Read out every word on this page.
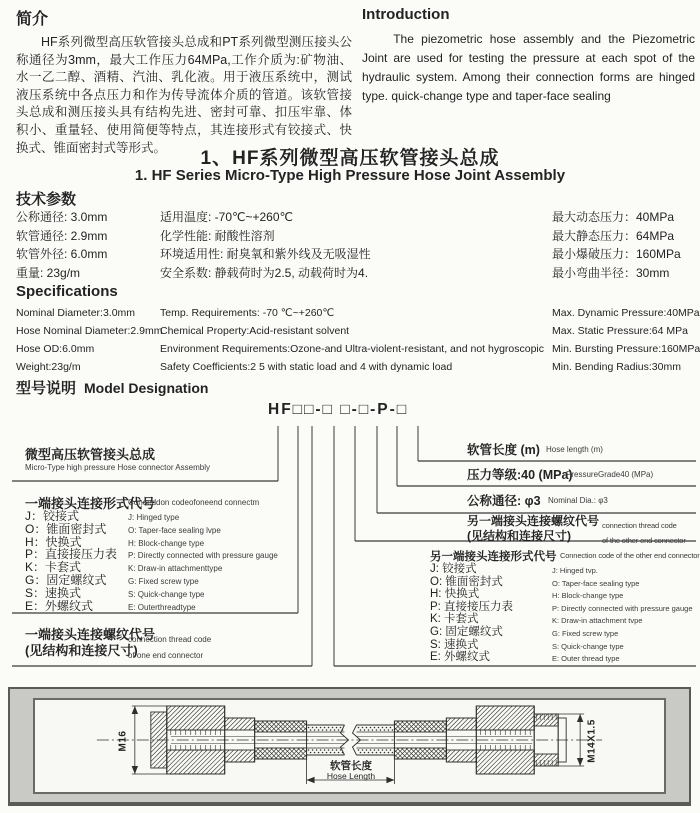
简介
HF系列微型高压软管接头总成和PT系列微型测压接头公称通径为3mm，最大工作压力64MPa,工作介质为:矿物油、水一乙二醇、酒精、汽油、乳化液。用于液压系统中，测试液压系统中各点压力和作为传导流体介质的管道。该软管接头总成和测压接头具有结构先进、密封可靠、扣压牢靠、体积小、重量轻、使用简便等特点，其连接形式有铰接式、快换式、锥面密封式等形式。
Introduction
The piezometric hose assembly and the Piezometric Joint are used for testing the pressure at each spot of the hydraulic system. Among their connection forms are hinged type. quick-change type and taper-face sealing
1、HF系列微型高压软管接头总成
1. HF Series Micro-Type High Pressure Hose Joint Assembly
技术参数
公称通径: 3.0mm
软管通径: 2.9mm
软管外径: 6.0mm
重量: 23g/m
适用温度: -70℃~+260℃
化学性能: 耐酸性溶剂
环境适用性: 耐臭氧和紫外线及无吸湿性
安全系数: 静载荷时为2.5, 动载荷时为4.
最大动态压力：40MPa
最大静态压力：64MPa
最小爆破压力：160MPa
最小弯曲半径：30mm
Specifications
Nominal Diameter:3.0mm
Hose Nominal Diameter:2.9mm
Hose OD:6.0mm
Weight:23g/m
Temp. Requirements: -70 ℃~+260℃
Chemical Property:Acid-resistant solvent
Environment Requirements:Ozone-and Ultra-violent-resistant, and not hygroscopic
Safety Coefficients:2 5 with static load and 4 with dynamic load
Max. Dynamic Pressure:40MPa
Max. Static Pressure:64 MPa
Min. Bursting Pressure:160MPa
Min. Bending Radius:30mm
型号说明 Model Designation
HF□□-□ □-□-P-□
微型高压软管接头总成
Micro-Type high pressure Hose connector Assembly
一端接头连接形式代号
Coneeddon codeofoneend connectm
J：铰接式
O：锥面密封式
H：快换式
P：直接接压力表
K：卡套式
G：固定螺纹式
S：速换式
E：外螺纹式
J: Hinged type
O: Taper-face sealing lvpe
H: Block-change type
P: Directly connected with pressure gauge
K: Draw-in attachmenttype
G: Fixed screw type
S: Quick-change type
E: Outerthreadtype
一端接头连接螺纹代号
(见结构和连接尺寸)
connection thread code
of one end connector
软管长度 (m) Hose length (m)
压力等级:40 (MPa)
PressureGrade40 (MPa)
公称通径: φ3 Nominal Dia.: φ3
另一端接头连接螺纹代号
(见结构和连接尺寸)
connection thread code
of the other end connector
另一端接头连接形式代号 Connection code of the other end connector
J: 铰接式
O: 锥面密封式
H: 快换式
P: 直接接压力表
K: 卡套式
G: 固定螺纹式
S: 速换式
E: 外螺纹式
J: Hinged tvp.
O: Taper-face sealing type
H: Block-change type
P: Directly connected with pressure gauge
K: Draw-in attachment tvpe
G: Fixed screw type
S: Quick-change type
E: Outer thread type
M16	M14X1.5
软管长度
Hose Length
